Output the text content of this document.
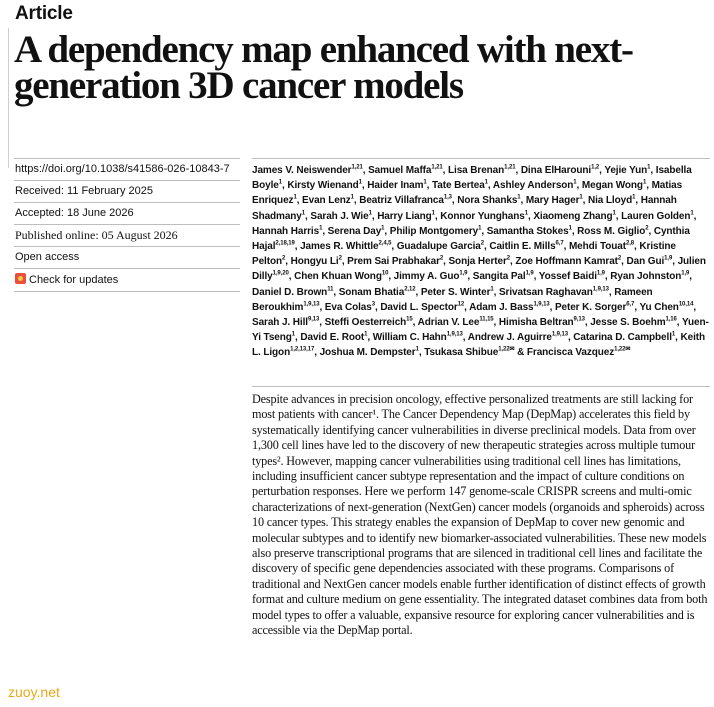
Article
A dependency map enhanced with next-generation 3D cancer models
https://doi.org/10.1038/s41586-026-10843-7
Received: 11 February 2025
Accepted: 18 June 2026
Published online: 05 August 2026
Open access
Check for updates
James V. Neiswender$^{1,21}$, Samuel Maffa$^{1,21}$, Lisa Brenan$^{1,21}$, Dina ElHarouni$^{1,2}$, Yejie Yun$^1$, Isabella Boyle$^1$, Kirsty Wienand$^1$, Haider Inam$^1$, Tate Bertea$^1$, Ashley Anderson$^1$, Megan Wong$^1$, Matias Enriquez$^1$, Evan Lenz$^1$, Beatriz Villafranca$^{1,3}$, Nora Shanks$^1$, Mary Hager$^1$, Nia Lloyd$^1$, Hannah Shadmany$^1$, Sarah J. Wie$^1$, Harry Liang$^1$, Konnor Yunghans$^1$, Xiaomeng Zhang$^1$, Lauren Golden$^1$, Hannah Harris$^1$, Serena Day$^1$, Philip Montgomery$^1$, Samantha Stokes$^1$, Ross M. Giglio$^2$, Cynthia Hajal$^{2,18,19}$, James R. Whittle$^{2,4,5}$, Guadalupe Garcia$^2$, Caitlin E. Mills$^{6,7}$, Mehdi Touat$^{2,8}$, Kristine Pelton$^2$, Hongyu Li$^2$, Prem Sai Prabhakar$^2$, Sonja Herter$^2$, Zoe Hoffmann Kamrat$^2$, Dan Gui$^{1,9}$, Julien Dilly$^{1,9,20}$, Chen Khuan Wong$^{10}$, Jimmy A. Guo$^{1,9}$, Sangita Pal$^{1,9}$, Yossef Baidi$^{1,9}$, Ryan Johnston$^{1,9}$, Daniel D. Brown$^{11}$, Sonam Bhatia$^{2,12}$, Peter S. Winter$^1$, Srivatsan Raghavan$^{1,9,13}$, Rameen Beroukhim$^{1,9,13}$, Eva Colas$^3$, David L. Spector$^{12}$, Adam J. Bass$^{1,9,13}$, Peter K. Sorger$^{6,7}$, Yu Chen$^{10,14}$, Sarah J. Hill$^{9,13}$, Steffi Oesterreich$^{15}$, Adrian V. Lee$^{11,15}$, Himisha Beltran$^{9,13}$, Jesse S. Boehm$^{1,16}$, Yuen-Yi Tseng$^1$, David E. Root$^1$, William C. Hahn$^{1,9,13}$, Andrew J. Aguirre$^{1,9,13}$, Catarina D. Campbell$^1$, Keith L. Ligon$^{1,2,13,17}$, Joshua M. Dempster$^1$, Tsukasa Shibue$^{1,22✉}$ & Francisca Vazquez$^{1,22✉}$
Despite advances in precision oncology, effective personalized treatments are still lacking for most patients with cancer¹. The Cancer Dependency Map (DepMap) accelerates this field by systematically identifying cancer vulnerabilities in diverse preclinical models. Data from over 1,300 cell lines have led to the discovery of new therapeutic strategies across multiple tumour types². However, mapping cancer vulnerabilities using traditional cell lines has limitations, including insufficient cancer subtype representation and the impact of culture conditions on perturbation responses. Here we perform 147 genome-scale CRISPR screens and multi-omic characterizations of next-generation (NextGen) cancer models (organoids and spheroids) across 10 cancer types. This strategy enables the expansion of DepMap to cover new genomic and molecular subtypes and to identify new biomarker-associated vulnerabilities. These new models also preserve transcriptional programs that are silenced in traditional cell lines and facilitate the discovery of specific gene dependencies associated with these programs. Comparisons of traditional and NextGen cancer models enable further identification of distinct effects of growth format and culture medium on gene essentiality. The integrated dataset combines data from both model types to offer a valuable, expansive resource for exploring cancer vulnerabilities and is accessible via the DepMap portal.
zuoy.net
